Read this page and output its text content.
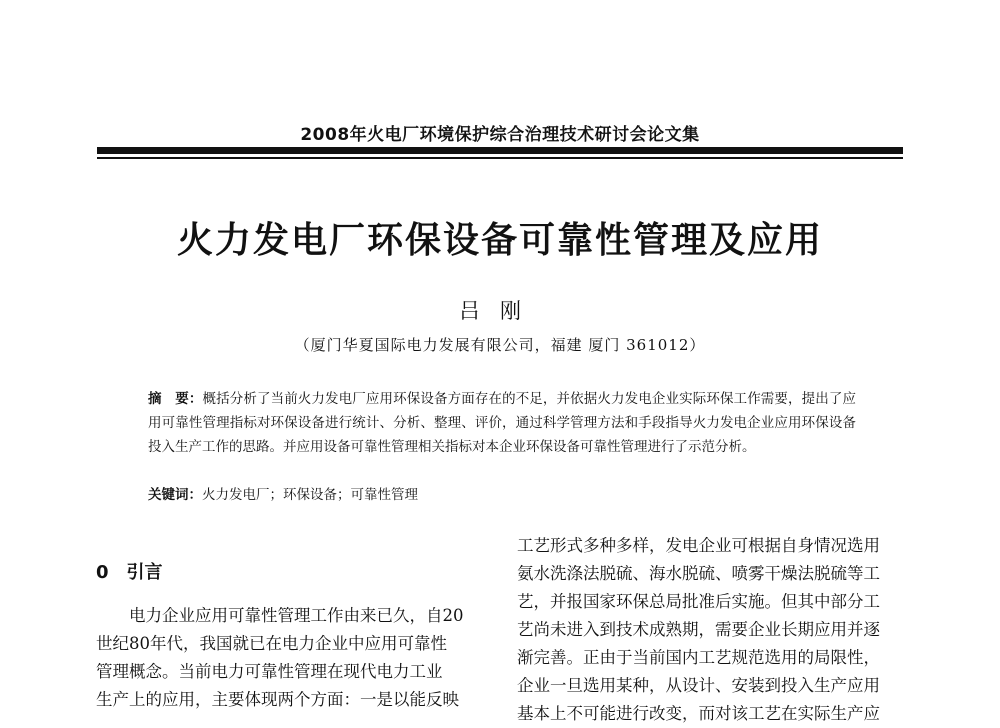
2008年火电厂环境保护综合治理技术研讨会论文集
火力发电厂环保设备可靠性管理及应用
吕刚
（厦门华夏国际电力发展有限公司，福建 厦门 361012）
摘　要：概括分析了当前火力发电厂应用环保设备方面存在的不足，并依据火力发电企业实际环保工作需要，提出了应用可靠性管理指标对环保设备进行统计、分析、整理、评价，通过科学管理方法和手段指导火力发电企业应用环保设备投入生产工作的思路。并应用设备可靠性管理相关指标对本企业环保设备可靠性管理进行了示范分析。
关键词：火力发电厂；环保设备；可靠性管理
0 引言
　　电力企业应用可靠性管理工作由来已久，自20
世纪80年代，我国就已在电力企业中应用可靠性
管理概念。当前电力可靠性管理在现代电力工业
生产上的应用，主要体现两个方面：一是以能反映
工艺形式多种多样，发电企业可根据自身情况选用
氨水洗涤法脱硫、海水脱硫、喷雾干燥法脱硫等工
艺，并报国家环保总局批准后实施。但其中部分工
艺尚未进入到技术成熟期，需要企业长期应用并逐
渐完善。正由于当前国内工艺规范选用的局限性，
企业一旦选用某种，从设计、安装到投入生产应用
基本上不可能进行改变，而对该工艺在实际生产应
